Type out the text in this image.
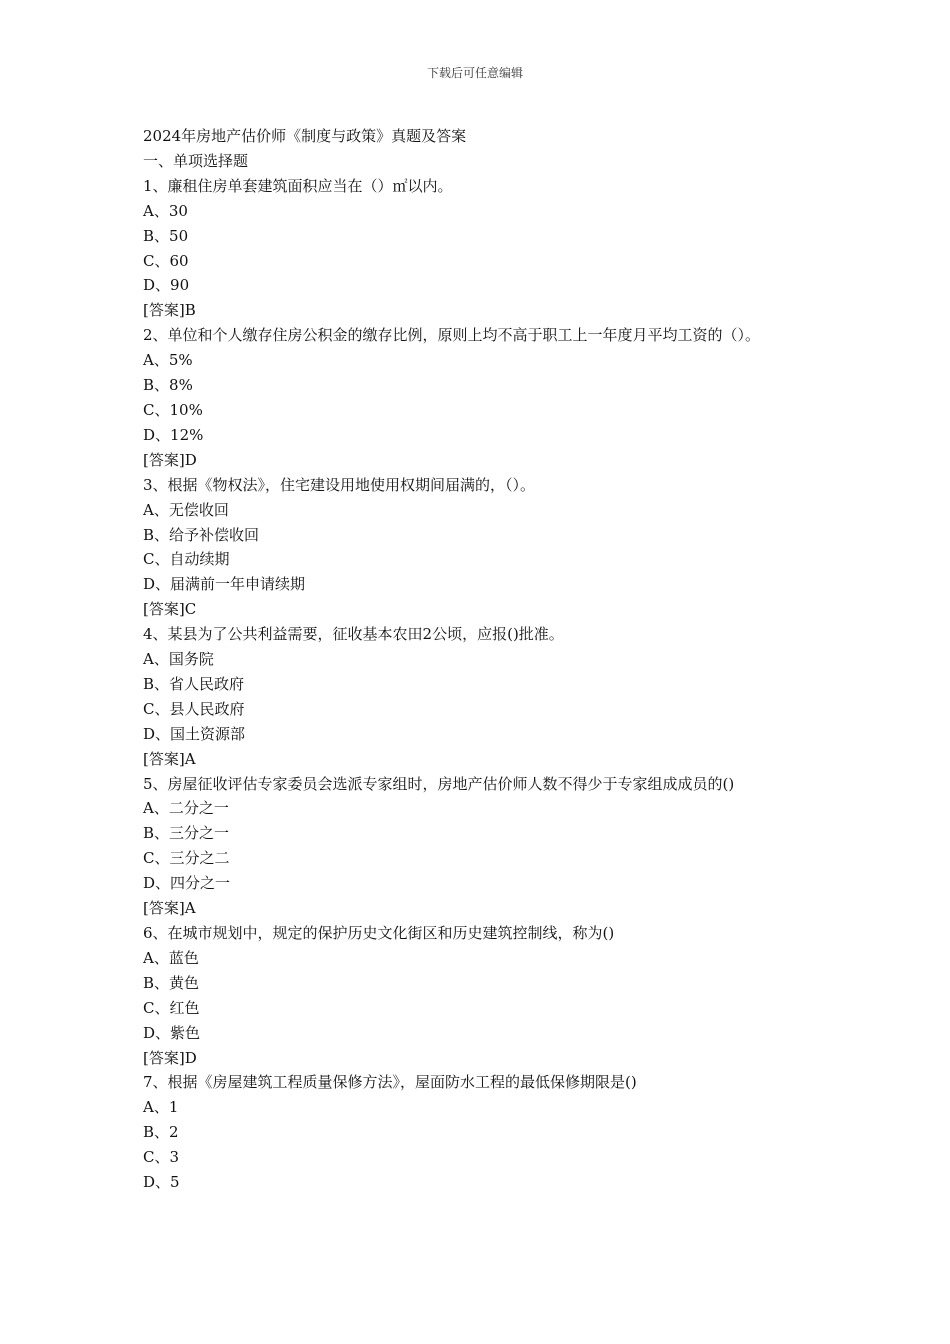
下载后可任意编辑
2024年房地产估价师《制度与政策》真题及答案
一、单项选择题
1、廉租住房单套建筑面积应当在（）㎡以内。
A、30
B、50
C、60
D、90
[答案]B
2、单位和个人缴存住房公积金的缴存比例，原则上均不高于职工上一年度月平均工资的（）。
A、5%
B、8%
C、10%
D、12%
[答案]D
3、根据《物权法》，住宅建设用地使用权期间届满的，（）。
A、无偿收回
B、给予补偿收回
C、自动续期
D、届满前一年申请续期
[答案]C
4、某县为了公共利益需要，征收基本农田2公顷，应报()批准。
A、国务院
B、省人民政府
C、县人民政府
D、国土资源部
[答案]A
5、房屋征收评估专家委员会选派专家组时，房地产估价师人数不得少于专家组成成员的()
A、二分之一
B、三分之一
C、三分之二
D、四分之一
[答案]A
6、在城市规划中，规定的保护历史文化街区和历史建筑控制线，称为()
A、蓝色
B、黄色
C、红色
D、紫色
[答案]D
7、根据《房屋建筑工程质量保修方法》，屋面防水工程的最低保修期限是()
A、1
B、2
C、3
D、5
